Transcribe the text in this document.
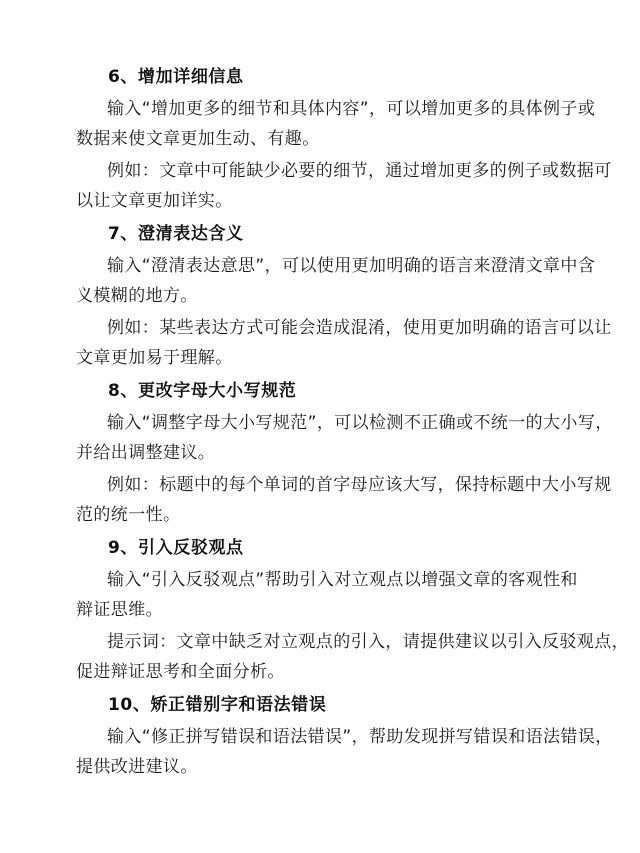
6、增加详细信息
输入“增加更多的细节和具体内容”，可以增加更多的具体例子或
数据来使文章更加生动、有趣。
例如：文章中可能缺少必要的细节，通过增加更多的例子或数据可
以让文章更加详实。
7、澄清表达含义
输入“澄清表达意思”，可以使用更加明确的语言来澄清文章中含
义模糊的地方。
例如：某些表达方式可能会造成混淆，使用更加明确的语言可以让
文章更加易于理解。
8、更改字母大小写规范
输入“调整字母大小写规范”，可以检测不正确或不统一的大小写，
并给出调整建议。
例如：标题中的每个单词的首字母应该大写，保持标题中大小写规
范的统一性。
9、引入反驳观点
输入“引入反驳观点”帮助引入对立观点以增强文章的客观性和
辩证思维。
提示词：文章中缺乏对立观点的引入，请提供建议以引入反驳观点，
促进辩证思考和全面分析。
10、矫正错别字和语法错误
输入“修正拼写错误和语法错误”，帮助发现拼写错误和语法错误，
提供改进建议。
